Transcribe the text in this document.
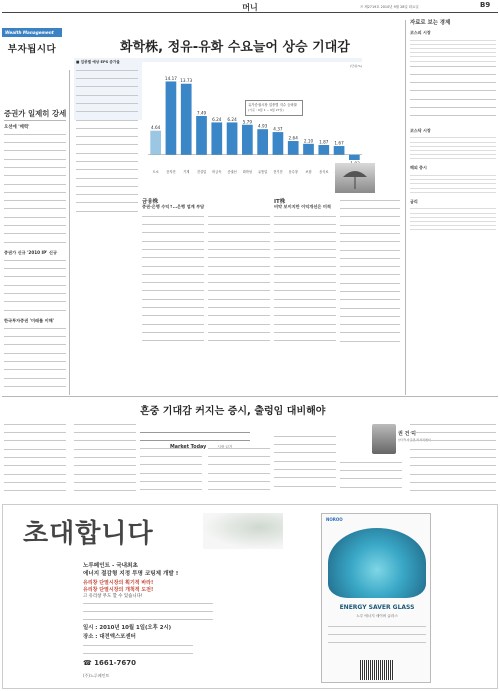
머니	즈 제2719호 2010년 9월 28일 화요일	B9
Wealth Management
부자됩시다	화학株, 정유-유화 수요늘어 상승 기대감
증권가 일제히 강세
오션에 '매력'
증권가 신규 '2010 IP' 신규
한국투자증권 '미래를 이해'
■ 업종별 예상 EPS 증가율
4.64
도소
14.17
증자전
13.73
기계
7.49
건설업
6.24
비금속
6.24
증권선
5.79
화학성
4.93
유통업
4.37
전기전
2.64
운수창
2.10
보험
1.87
음식료
1.67
유가증권시장 업종별 지수 등락률
(기준 : 9월 1 ~ 9월 27일)
(단위:%)
금융株
증권·은행 수익↑…은행 업계 부담
IT株
비약 보이지만 이익개선은 미적
자료로 보는 경제
코스피 시장

코스닥 시장

해외 증시

금리

흔중 기대감 커지는 증시, 출렁임 대비해야
Market Today	시장 읽기
권 건 덕
한국투자증권 리서치센터
초대합니다
노루페인트 - 국내최초
에너지 절감형 지정 투명 코팅제 개발 !
유리창 단열시장의 획기적 바라!
유리창 단열시장의 개척적 도전!
고 유리창 무도 할 수 있습니다!
일시 : 2010년 10월 1일(오후 2시)
장소 : 대전엑스포센터
☎ 1661-7670
(주)노루페인트
NOROO
ENERGY SAVER GLASS
노루 에너지 세이버 글라스
